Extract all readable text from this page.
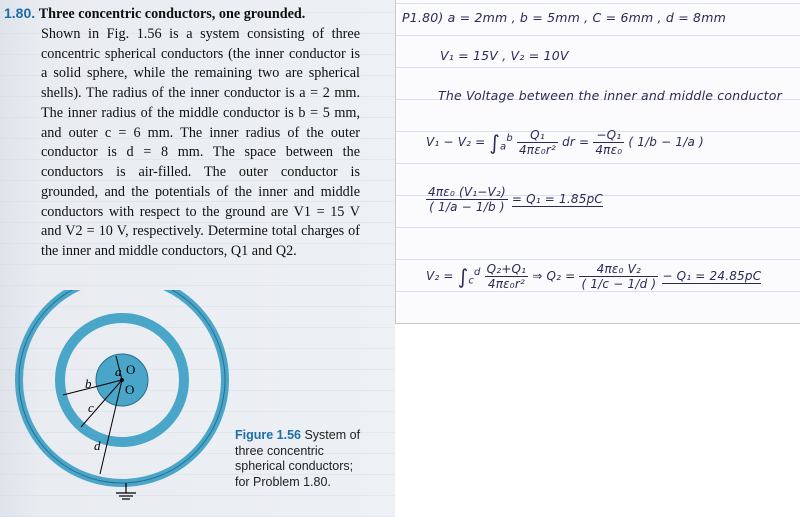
1.80. Three concentric conductors, one grounded.
Shown in Fig. 1.56 is a system consisting of three concentric spherical conductors (the inner conductor is a solid sphere, while the remaining two are spherical shells). The radius of the inner conductor is a = 2 mm. The inner radius of the middle conductor is b = 5 mm, and outer c = 6 mm. The inner radius of the outer conductor is d = 8 mm. The space between the conductors is air-filled. The outer conductor is grounded, and the potentials of the inner and middle conductors with respect to the ground are V1 = 15 V and V2 = 10 V, respectively. Determine total charges of the inner and middle conductors, Q1 and Q2.
a O
O
b
c
d
Figure 1.56 System of three concentric spherical conductors; for Problem 1.80.
P1.80) a = 2mm , b = 5mm , C = 6mm , d = 8mm
V₁ = 15V , V₂ = 10V
The Voltage between the inner and middle conductor
$V_1 - V_2 = \int_a^b \frac{\text{Q₁}}{\text{4πε₀r²}}$ dr = $\frac{\text{−Q₁}}{\text{4πε₀}}$ ( 1/b − 1/a )
$\frac{\text{4πε₀ (V₁−V₂)}}{( 1/a - 1/b )} = Q_1 = 1.85pC$
$V_2 = \int_c^d \frac{\text{Q₂+Q₁}}{\text{4πε₀r²}}$ ⇒ $Q_2 = \frac{\text{4πε₀ V₂}}{( 1/c - 1/d )} - Q_1 = 24.85pC$
